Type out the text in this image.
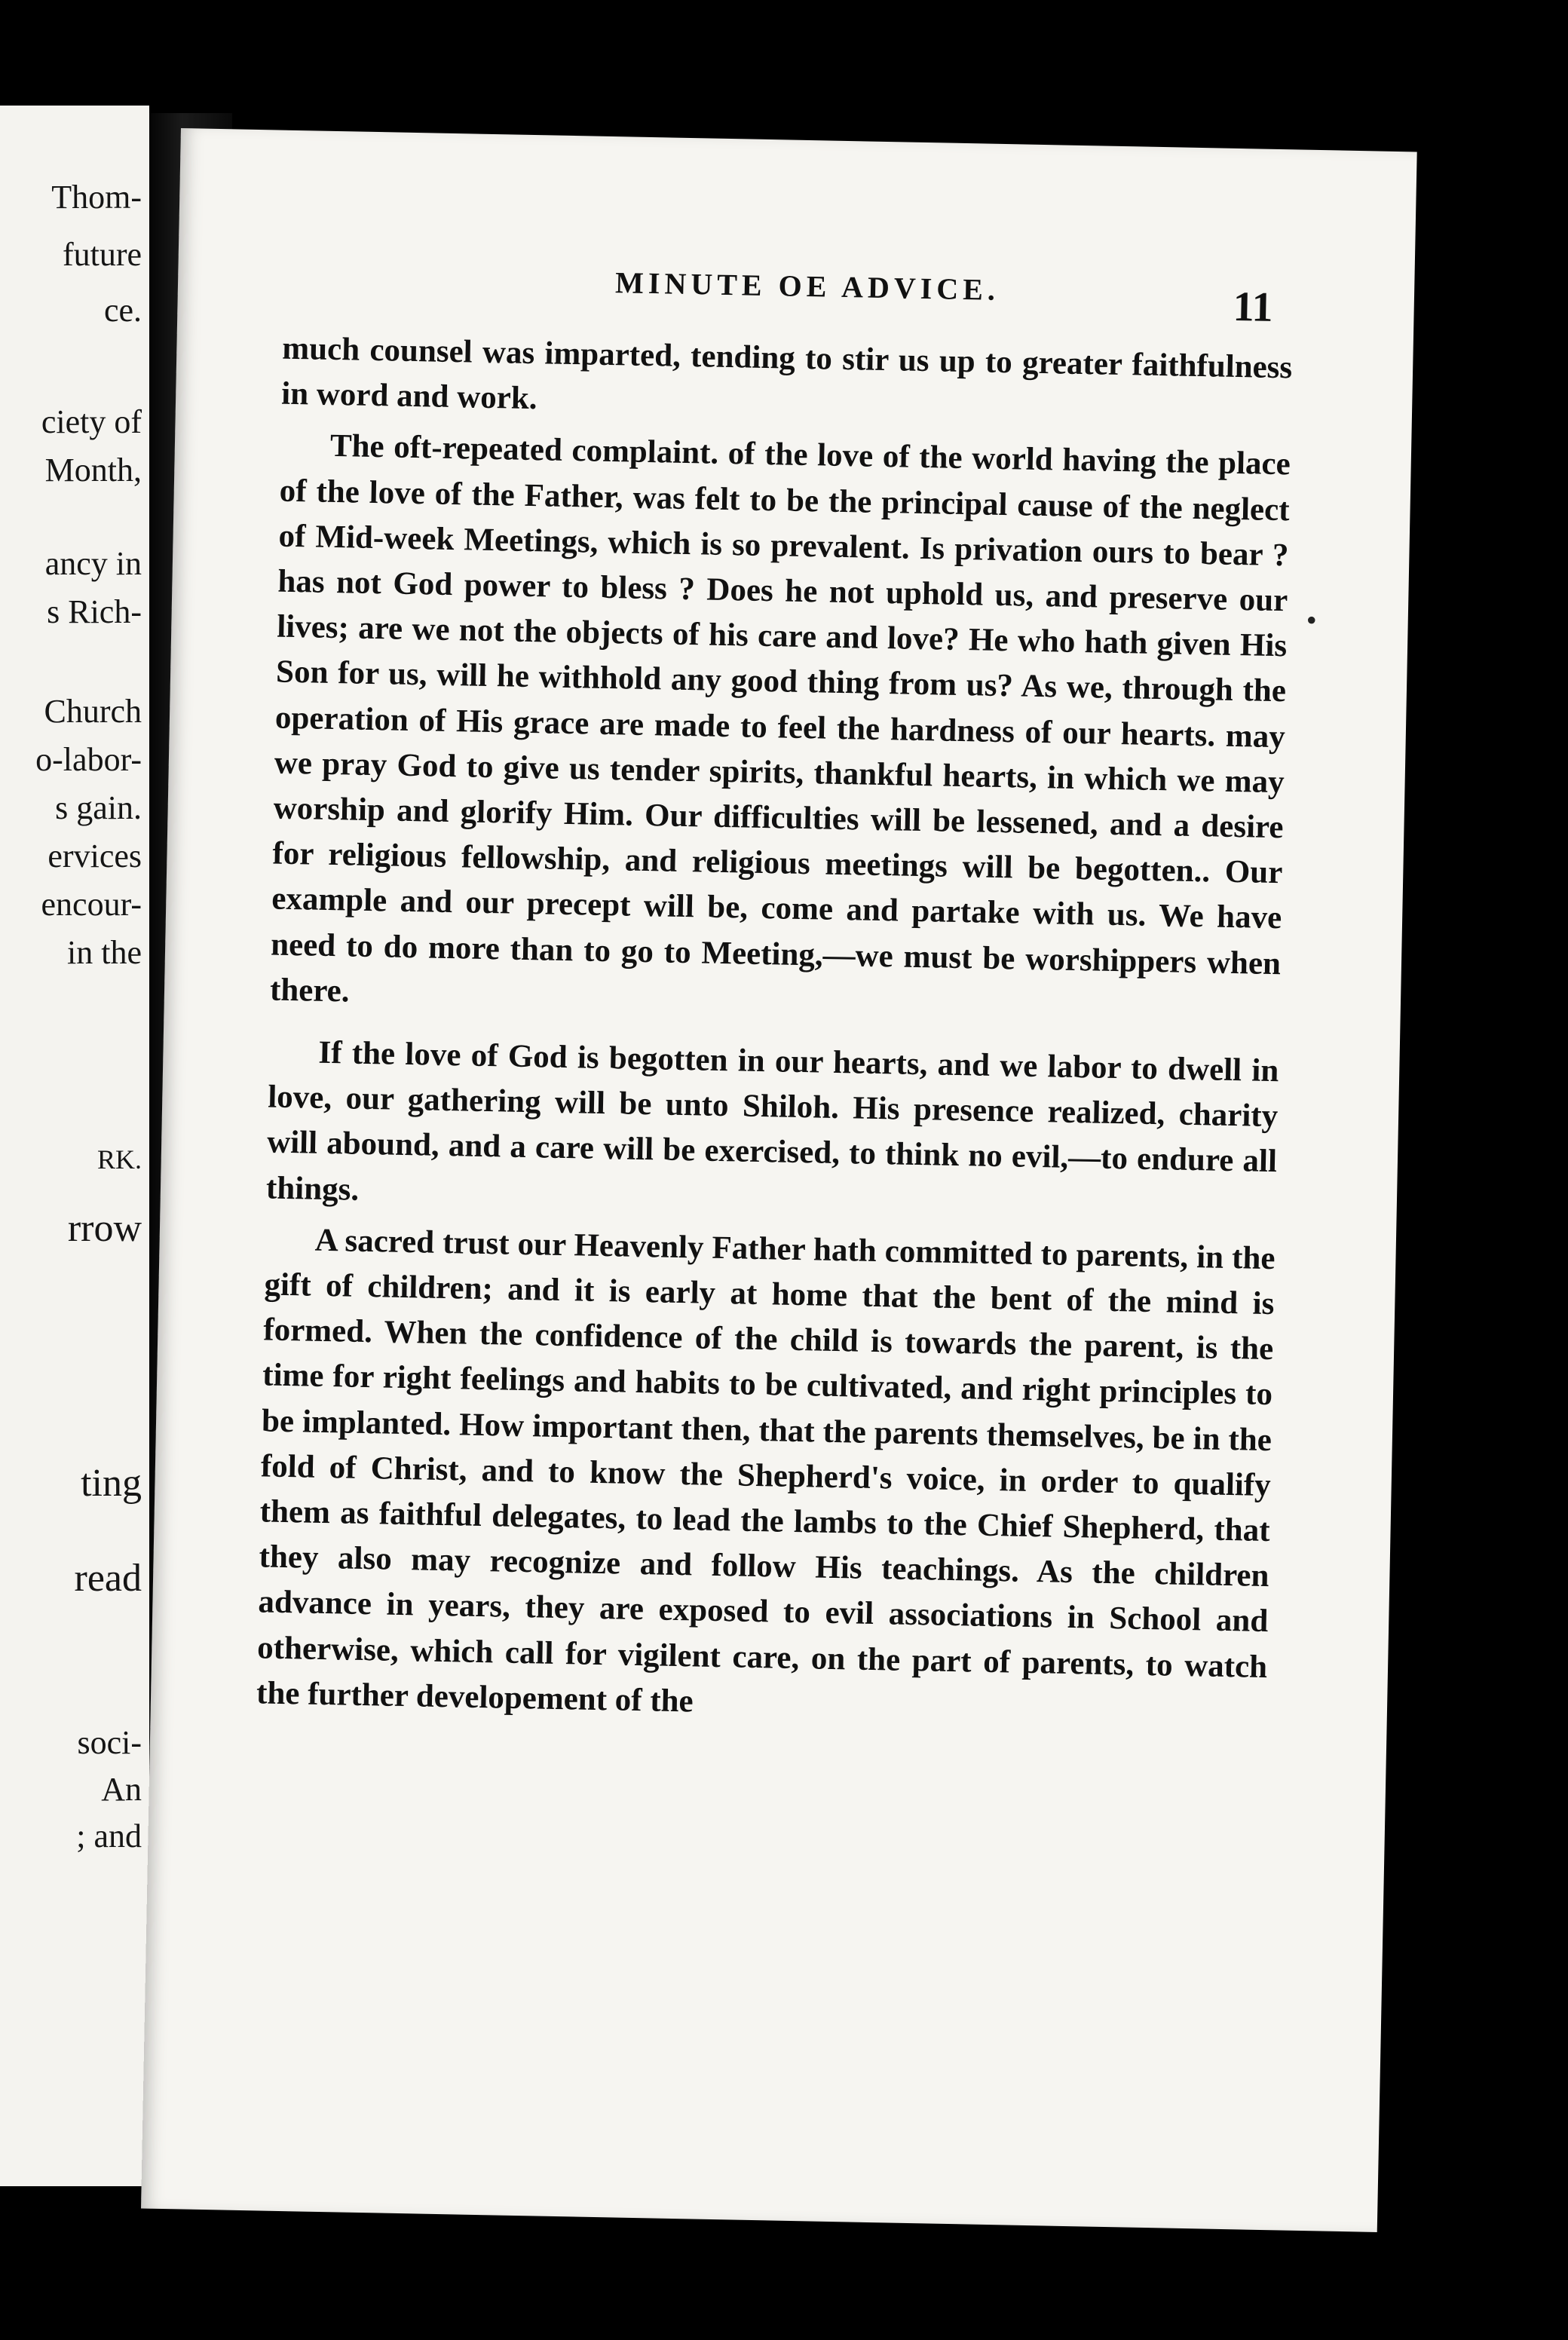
Thom-
future
ce.
ciety of
Month,
ancy in
s Rich-
Church
o-labor-
s gain.
ervices
encour-
in the
RK.
rrow
ting
read
soci-
An
; and
MINUTE OE ADVICE.	11
•

much counsel was imparted, tending to stir us up to greater faithfulness in word and work.

The oft-repeated complaint. of the love of the world having the place of the love of the Father, was felt to be the principal cause of the neglect of Mid-week Meetings, which is so prevalent. Is privation ours to bear ? has not God power to bless ? Does he not uphold us, and preserve our lives; are we not the objects of his care and love? He who hath given His Son for us, will he withhold any good thing from us? As we, through the operation of His grace are made to feel the hardness of our hearts. may we pray God to give us tender spirits, thankful hearts, in which we may worship and glorify Him. Our difficulties will be lessened, and a desire for religious fellowship, and religious meetings will be begotten.. Our example and our precept will be, come and partake with us. We have need to do more than to go to Meeting,—we must be worshippers when there.

If the love of God is begotten in our hearts, and we labor to dwell in love, our gathering will be unto Shiloh. His presence realized, charity will abound, and a care will be exercised, to think no evil,—to endure all things.

A sacred trust our Heavenly Father hath committed to parents, in the gift of children; and it is early at home that the bent of the mind is formed. When the confidence of the child is towards the parent, is the time for right feelings and habits to be cultivated, and right principles to be implanted. How important then, that the parents themselves, be in the fold of Christ, and to know the Shepherd's voice, in order to qualify them as faithful delegates, to lead the lambs to the Chief Shepherd, that they also may recognize and follow His teachings. As the children advance in years, they are exposed to evil associations in School and otherwise, which call for vigilent care, on the part of parents, to watch the further developement of the
